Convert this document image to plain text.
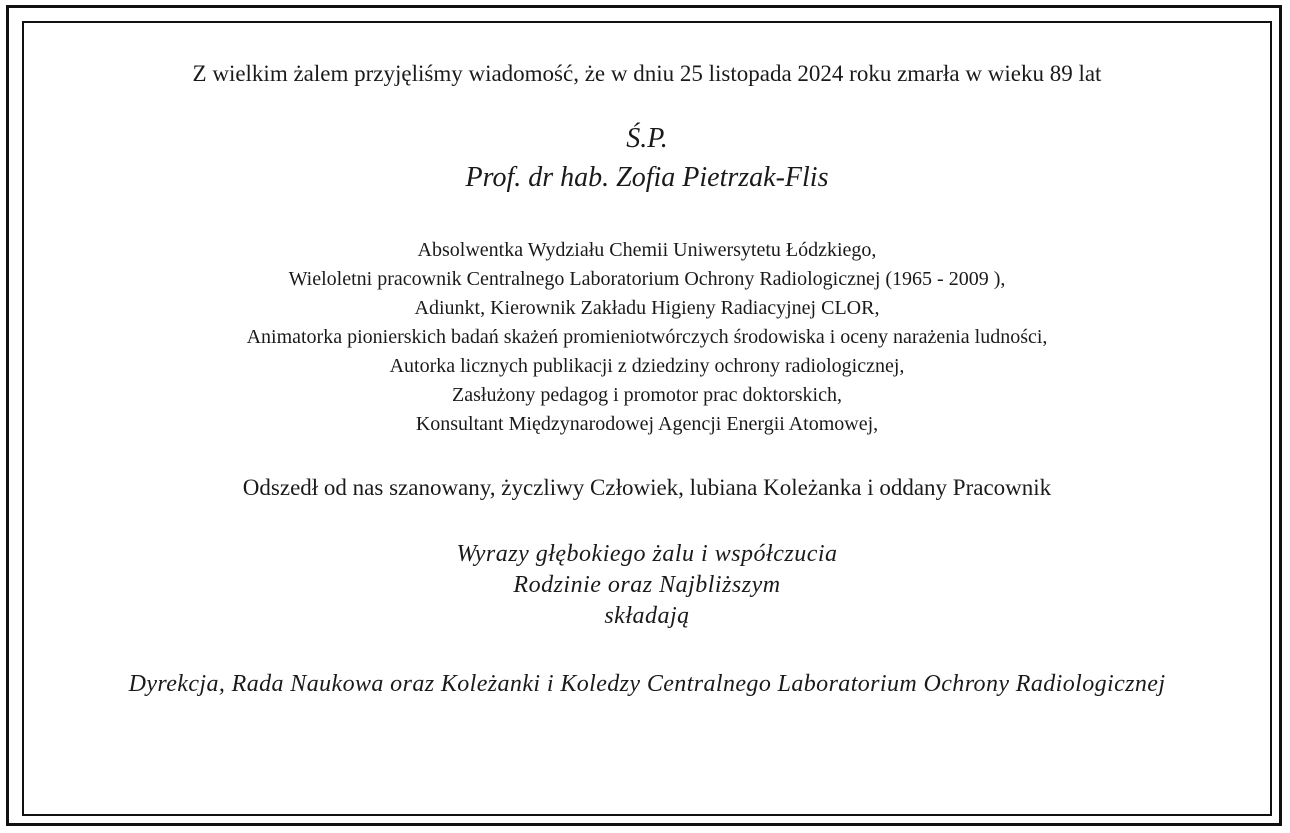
Z wielkim żalem przyjęliśmy wiadomość, że w dniu 25 listopada 2024 roku zmarła w wieku 89 lat
Ś.P.
Prof. dr hab. Zofia Pietrzak-Flis
Absolwentka Wydziału Chemii Uniwersytetu Łódzkiego,
Wieloletni pracownik Centralnego Laboratorium Ochrony Radiologicznej (1965 - 2009 ),
Adiunkt, Kierownik Zakładu Higieny Radiacyjnej CLOR,
Animatorka pionierskich badań skażeń promieniotwórczych środowiska i oceny narażenia ludności,
Autorka licznych publikacji z dziedziny ochrony radiologicznej,
Zasłużony pedagog i promotor prac doktorskich,
Konsultant Międzynarodowej Agencji Energii Atomowej,
Odszedł od nas szanowany, życzliwy Człowiek, lubiana Koleżanka i oddany Pracownik
Wyrazy głębokiego żalu i współczucia
Rodzinie oraz Najbliższym
składają
Dyrekcja, Rada Naukowa oraz Koleżanki i Koledzy Centralnego Laboratorium Ochrony Radiologicznej
